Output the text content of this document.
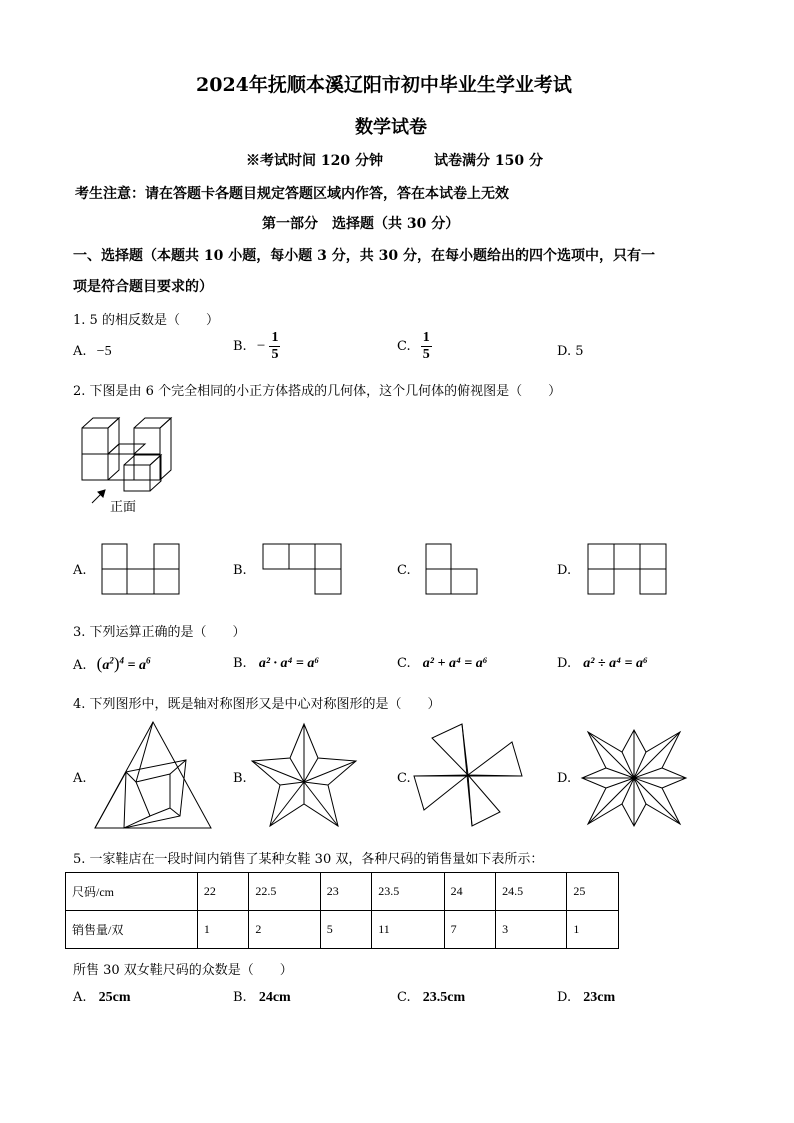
2024年抚顺本溪辽阳市初中毕业生学业考试
数学试卷
※考试时间 120 分钟	试卷满分 150 分
考生注意：请在答题卡各题目规定答题区域内作答，答在本试卷上无效
第一部分　选择题（共 30 分）
一、选择题（本题共 10 小题，每小题 3 分，共 30 分，在每小题给出的四个选项中，只有一
项是符合题目要求的）
1. 5 的相反数是（　　）
A. −5	B. − $\frac{1}{5}$	C. $\frac{1}{5}$	D. 5
2. 下图是由 6 个完全相同的小正方体搭成的几何体，这个几何体的俯视图是（　　）
正面
A.	B.	C.	D.
3. 下列运算正确的是（　　）
A. $(a^2)^4 = a^6$	B. a² · a⁴ = a⁶	C. a² + a⁴ = a⁶	D. a² ÷ a⁴ = a⁶
4. 下列图形中，既是轴对称图形又是中心对称图形的是（　　）
A.	B.	C.	D.
5. 一家鞋店在一段时间内销售了某种女鞋 30 双，各种尺码的销售量如下表所示：
尺码/cm	22	22.5	23	23.5	24	24.5	25
销售量/双	1	2	5	11	7	3	1
所售 30 双女鞋尺码的众数是（　　）
A. 25cm	B. 24cm	C. 23.5cm	D. 23cm
